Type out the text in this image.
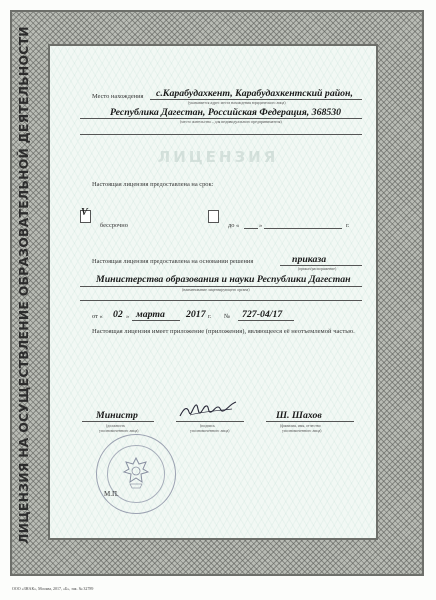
ЛИЦЕНЗИЯ
ЛИЦЕНЗИЯ НА ОСУЩЕСТВЛЕНИЕ ОБРАЗОВАТЕЛЬНОЙ ДЕЯТЕЛЬНОСТИ	Место нахождения с.Карабудахкент, Карабудахкентский район,
(указывается адрес места нахождения юридического лица)
Республика Дагестан, Российская Федерация, 368530
(место жительства – для индивидуального предпринимателя)
Настоящая лицензия предоставлена на срок:
V
бессрочно	до «	»	г.
Настоящая лицензия предоставлена на основании решения	приказа
(приказ/распоряжение)
Министерства образования и науки Республики Дагестан
(наименование лицензирующего органа)
от « 02 » марта 2017 г. № 727-04/17
Настоящая лицензия имеет приложение (приложения), являющееся её неотъемлемой частью.
Министр
(должность
уполномоченного лица)
(подпись
уполномоченного лица)
Ш. Шахов
(фамилия, имя, отчество
уполномоченного лица)
М.П.
ООО «ЗНАК», Москва, 2017, «Б», зак. № 32789
